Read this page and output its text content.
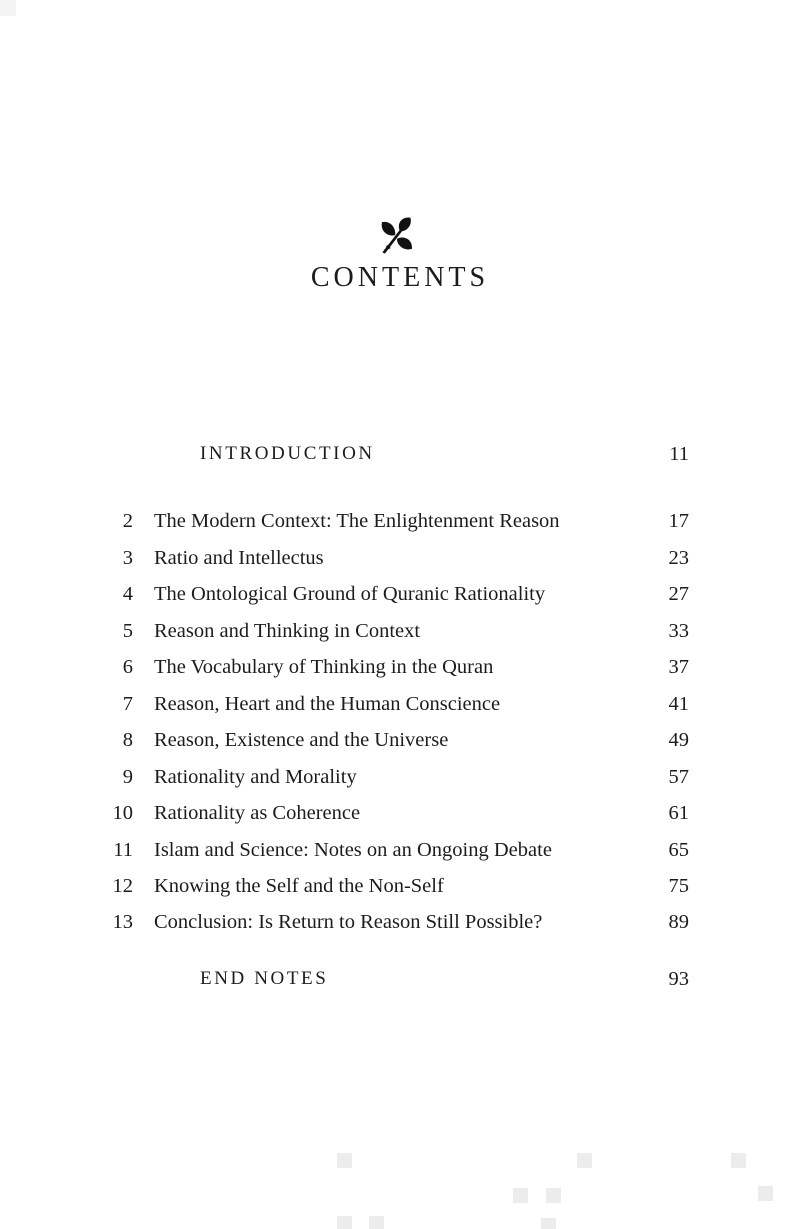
CONTENTS
INTRODUCTION	11
2	The Modern Context: The Enlightenment Reason	17
3	Ratio and Intellectus	23
4	The Ontological Ground of Quranic Rationality	27
5	Reason and Thinking in Context	33
6	The Vocabulary of Thinking in the Quran	37
7	Reason, Heart and the Human Conscience	41
8	Reason, Existence and the Universe	49
9	Rationality and Morality	57
10	Rationality as Coherence	61
11	Islam and Science: Notes on an Ongoing Debate	65
12	Knowing the Self and the Non-Self	75
13	Conclusion: Is Return to Reason Still Possible?	89
END NOTES	93
